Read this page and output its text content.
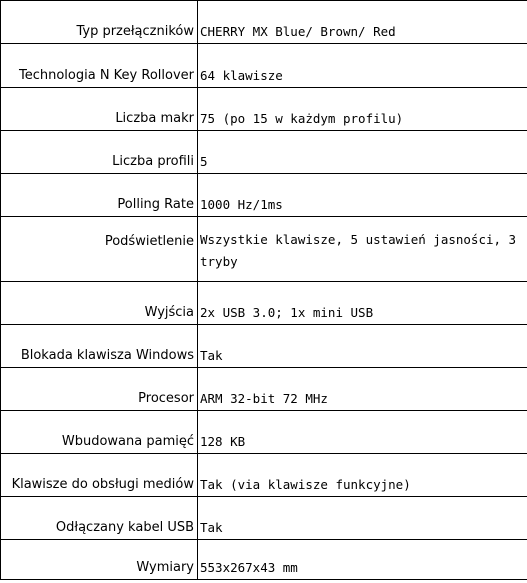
Typ przełączników	CHERRY MX Blue/ Brown/ Red

Technologia N Key Rollover	64 klawisze

Liczba makr	75 (po 15 w każdym profilu)

Liczba profili	5

Polling Rate	1000 Hz/1ms

Podświetlenie	Wszystkie klawisze, 5 ustawień jasności, 3 tryby

Wyjścia	2x USB 3.0; 1x mini USB

Blokada klawisza Windows	Tak

Procesor	ARM 32-bit 72 MHz

Wbudowana pamięć	128 KB

Klawisze do obsługi mediów	Tak (via klawisze funkcyjne)

Odłączany kabel USB	Tak

Wymiary	553x267x43 mm
